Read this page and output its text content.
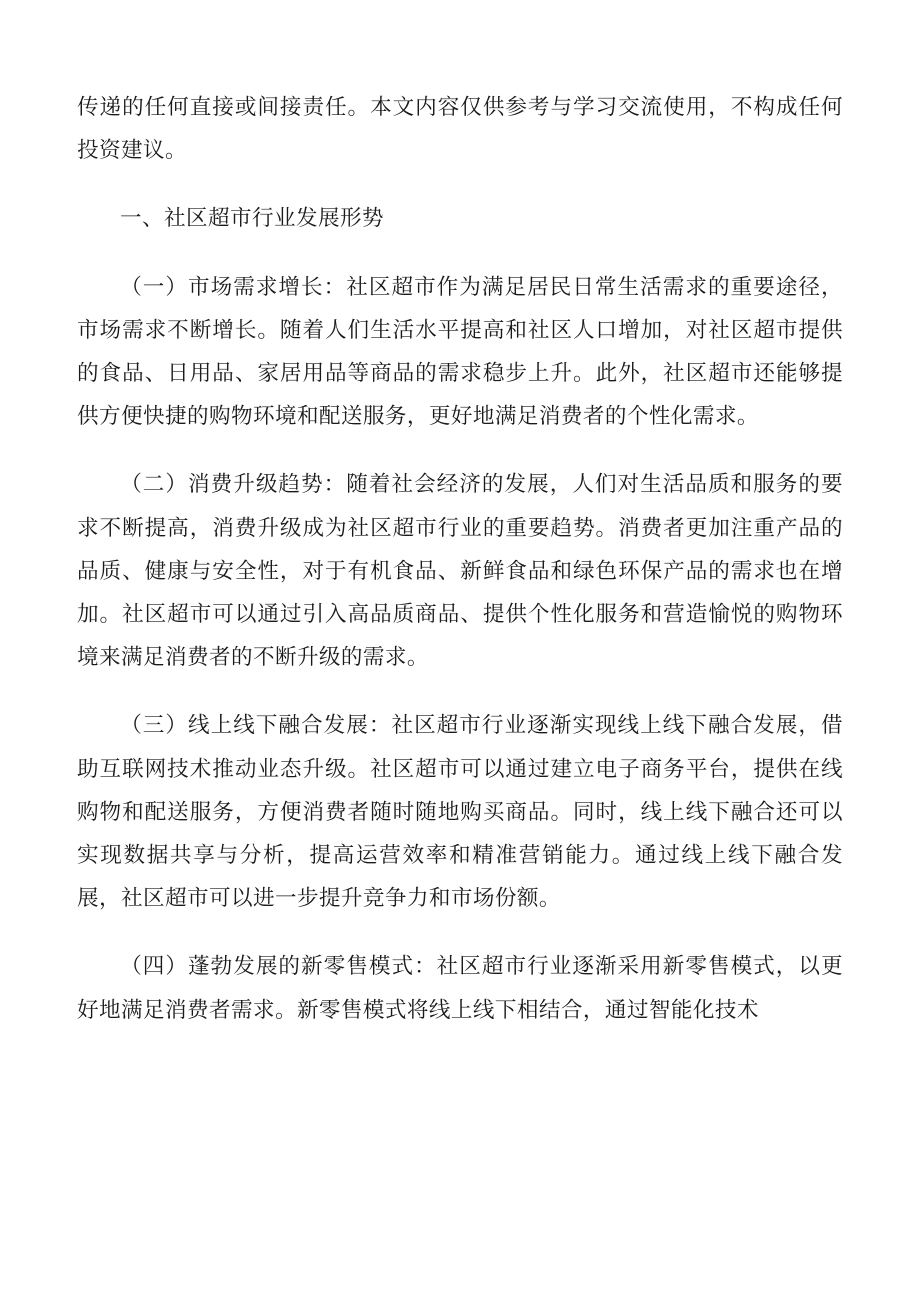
传递的任何直接或间接责任。本文内容仅供参考与学习交流使用，不构成任何投资建议。

一、社区超市行业发展形势

（一）市场需求增长：社区超市作为满足居民日常生活需求的重要途径，市场需求不断增长。随着人们生活水平提高和社区人口增加，对社区超市提供的食品、日用品、家居用品等商品的需求稳步上升。此外，社区超市还能够提供方便快捷的购物环境和配送服务，更好地满足消费者的个性化需求。

（二）消费升级趋势：随着社会经济的发展，人们对生活品质和服务的要求不断提高，消费升级成为社区超市行业的重要趋势。消费者更加注重产品的品质、健康与安全性，对于有机食品、新鲜食品和绿色环保产品的需求也在增加。社区超市可以通过引入高品质商品、提供个性化服务和营造愉悦的购物环境来满足消费者的不断升级的需求。

（三）线上线下融合发展：社区超市行业逐渐实现线上线下融合发展，借助互联网技术推动业态升级。社区超市可以通过建立电子商务平台，提供在线购物和配送服务，方便消费者随时随地购买商品。同时，线上线下融合还可以实现数据共享与分析，提高运营效率和精准营销能力。通过线上线下融合发展，社区超市可以进一步提升竞争力和市场份额。

（四）蓬勃发展的新零售模式：社区超市行业逐渐采用新零售模式，以更好地满足消费者需求。新零售模式将线上线下相结合，通过智能化技术
